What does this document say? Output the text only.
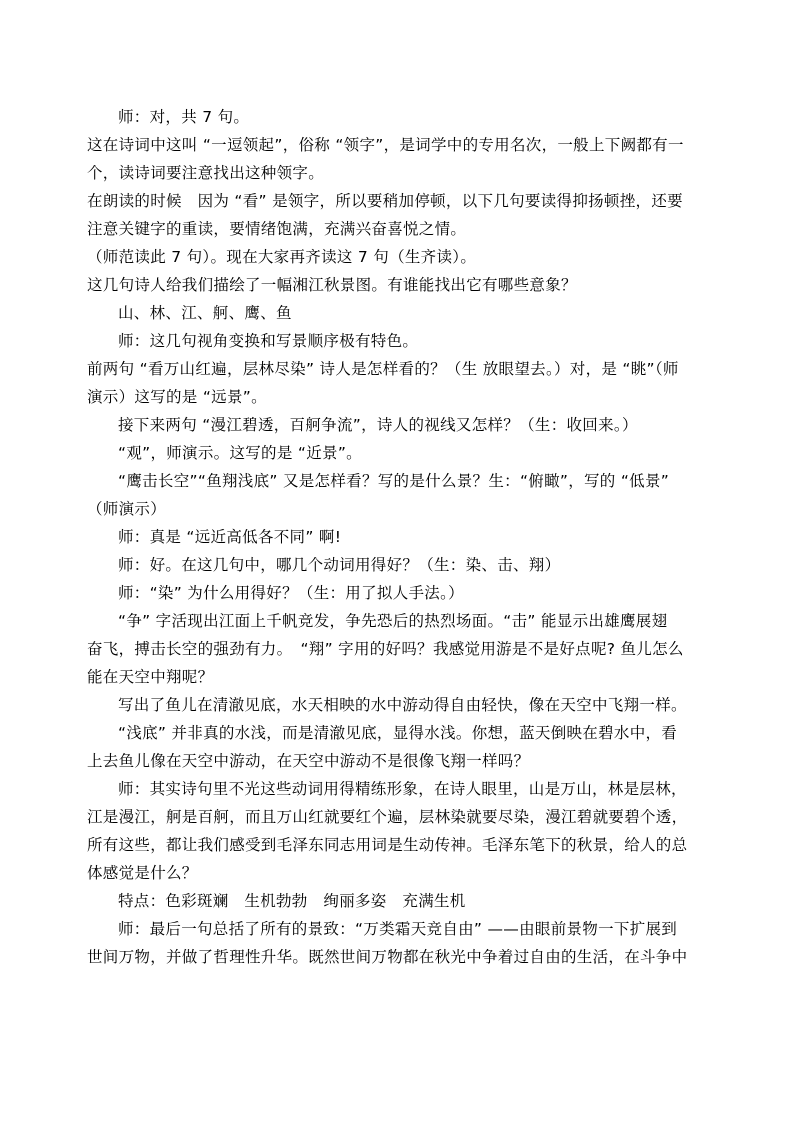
师：对，共 7 句。
这在诗词中这叫 “一逗领起”，俗称 “领字”，是词学中的专用名次，一般上下阙都有一
个，读诗词要注意找出这种领字。
在朗读的时候　因为 “看” 是领字，所以要稍加停顿，以下几句要读得抑扬顿挫，还要
注意关键字的重读，要情绪饱满，充满兴奋喜悦之情。
（师范读此 7 句）。现在大家再齐读这 7 句（生齐读）。
这几句诗人给我们描绘了一幅湘江秋景图。有谁能找出它有哪些意象？
山、林、江、舸、鹰、鱼
师：这几句视角变换和写景顺序极有特色。
前两句 “看万山红遍，层林尽染” 诗人是怎样看的？（生 放眼望去。）对，是 “眺”（师
演示）这写的是 “远景”。
接下来两句 “漫江碧透，百舸争流”，诗人的视线又怎样？（生：收回来。）
“观”，师演示。这写的是 “近景”。
“鹰击长空”“鱼翔浅底” 又是怎样看？写的是什么景？生：“俯瞰”，写的 “低景”
（师演示）
师：真是 “远近高低各不同” 啊!
师：好。在这几句中，哪几个动词用得好？（生：染、击、翔）
师：“染” 为什么用得好？（生：用了拟人手法。）
“争” 字活现出江面上千帆竞发，争先恐后的热烈场面。“击” 能显示出雄鹰展翅
奋飞，搏击长空的强劲有力。　“翔” 字用的好吗？我感觉用游是不是好点呢? 鱼儿怎么
能在天空中翔呢？
写出了鱼儿在清澈见底，水天相映的水中游动得自由轻快，像在天空中飞翔一样。
“浅底” 并非真的水浅，而是清澈见底，显得水浅。你想，蓝天倒映在碧水中，看
上去鱼儿像在天空中游动，在天空中游动不是很像飞翔一样吗？
师：其实诗句里不光这些动词用得精练形象，在诗人眼里，山是万山，林是层林，
江是漫江，舸是百舸，而且万山红就要红个遍，层林染就要尽染，漫江碧就要碧个透，
所有这些，都让我们感受到毛泽东同志用词是生动传神。毛泽东笔下的秋景，给人的总
体感觉是什么？
特点：色彩斑斓　生机勃勃　绚丽多姿　充满生机
师：最后一句总括了所有的景致：“万类霜天竞自由” ——由眼前景物一下扩展到
世间万物，并做了哲理性升华。既然世间万物都在秋光中争着过自由的生活，在斗争中
